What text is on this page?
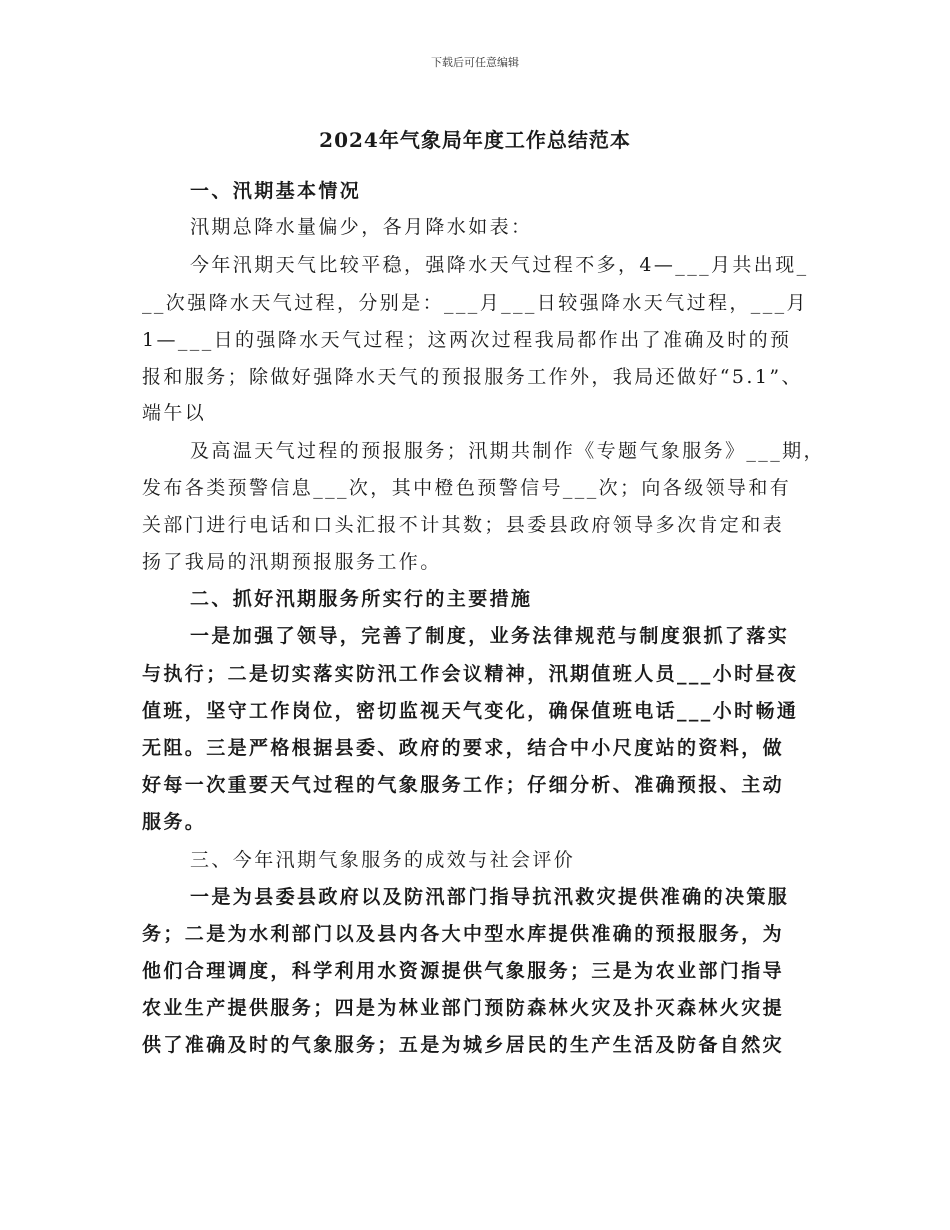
下载后可任意编辑
2024年气象局年度工作总结范本
一、汛期基本情况
汛期总降水量偏少，各月降水如表：
今年汛期天气比较平稳，强降水天气过程不多，4—___月共出现_
__次强降水天气过程，分别是：___月___日较强降水天气过程，___月
1—___日的强降水天气过程；这两次过程我局都作出了准确及时的预
报和服务；除做好强降水天气的预报服务工作外，我局还做好“5.1”、
端午以
及高温天气过程的预报服务；汛期共制作《专题气象服务》___期，
发布各类预警信息___次，其中橙色预警信号___次；向各级领导和有
关部门进行电话和口头汇报不计其数；县委县政府领导多次肯定和表
扬了我局的汛期预报服务工作。
二、抓好汛期服务所实行的主要措施
一是加强了领导，完善了制度，业务法律规范与制度狠抓了落实
与执行；二是切实落实防汛工作会议精神，汛期值班人员___小时昼夜
值班，坚守工作岗位，密切监视天气变化，确保值班电话___小时畅通
无阻。三是严格根据县委、政府的要求，结合中小尺度站的资料，做
好每一次重要天气过程的气象服务工作；仔细分析、准确预报、主动
服务。
三、今年汛期气象服务的成效与社会评价
一是为县委县政府以及防汛部门指导抗汛救灾提供准确的决策服
务；二是为水利部门以及县内各大中型水库提供准确的预报服务，为
他们合理调度，科学利用水资源提供气象服务；三是为农业部门指导
农业生产提供服务；四是为林业部门预防森林火灾及扑灭森林火灾提
供了准确及时的气象服务；五是为城乡居民的生产生活及防备自然灾
